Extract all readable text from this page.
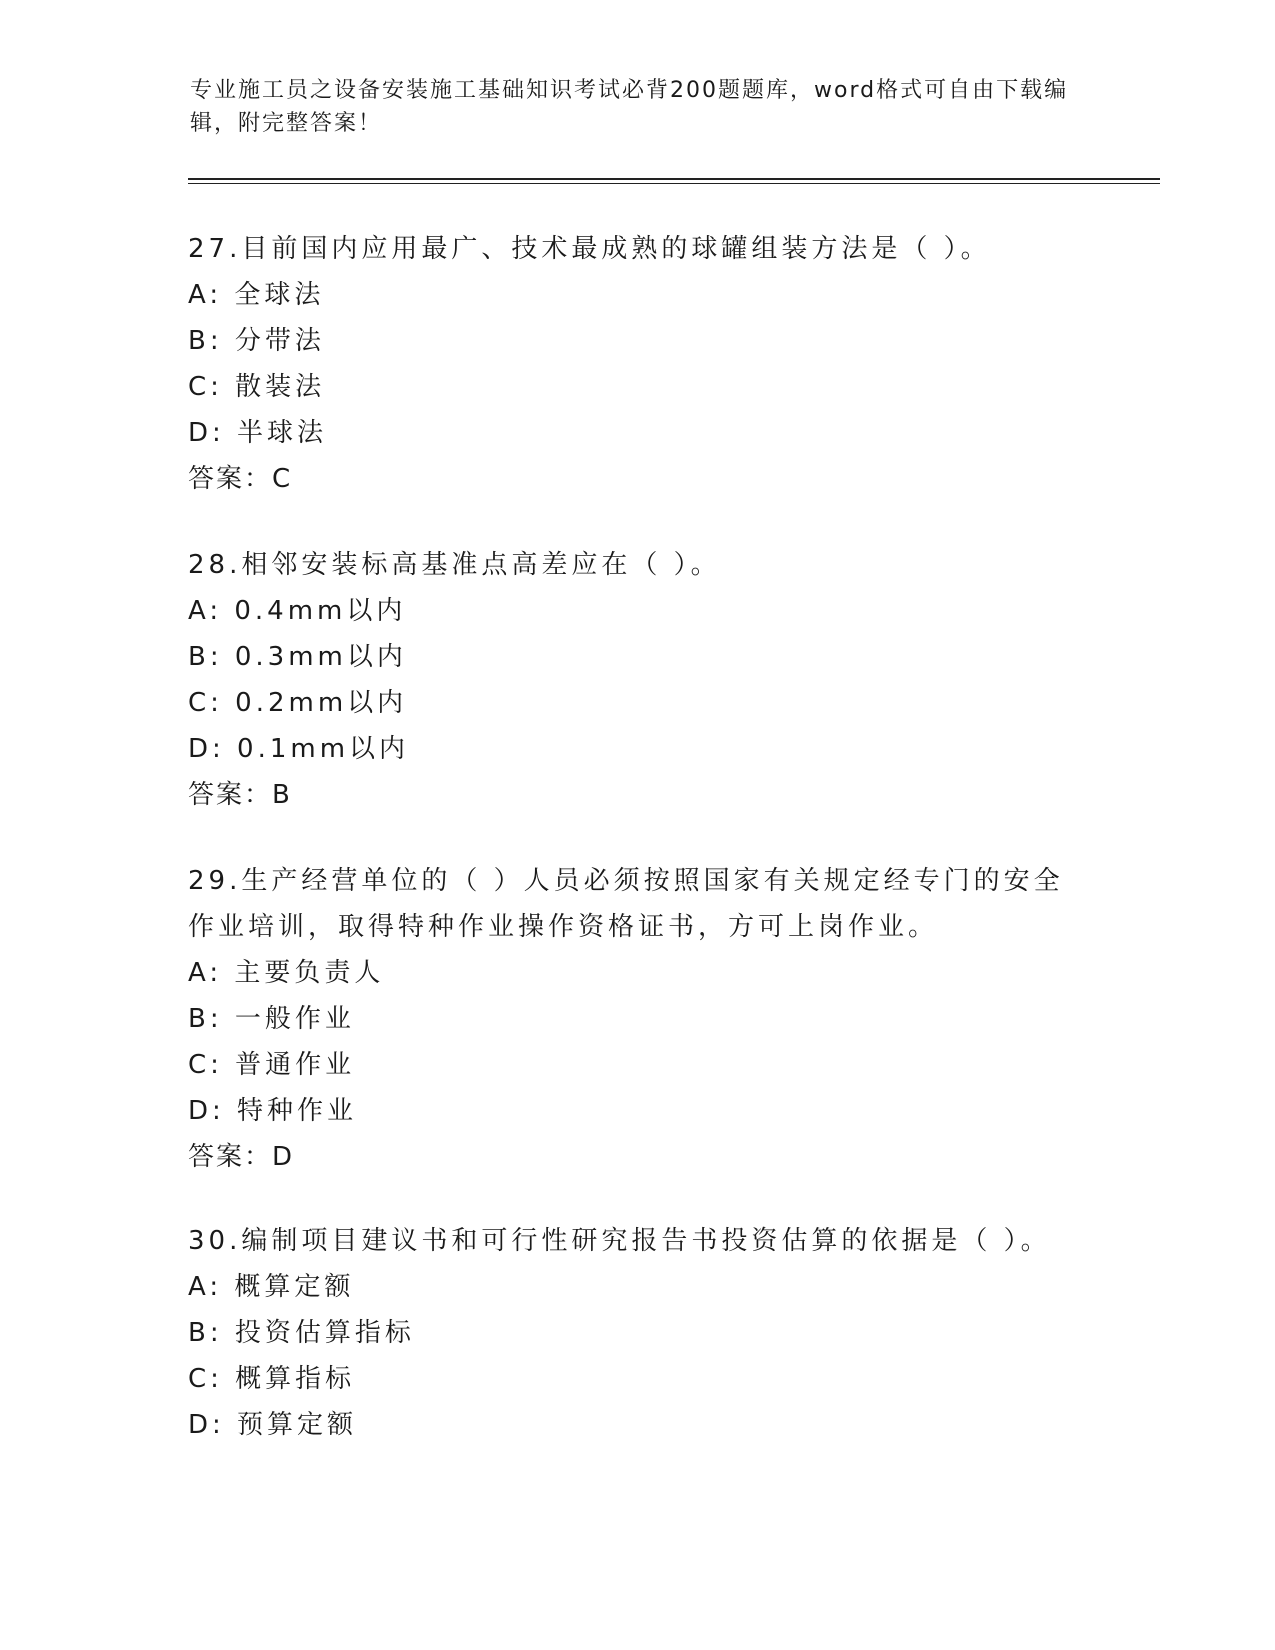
专业施工员之设备安装施工基础知识考试必背200题题库，word格式可自由下载编辑，附完整答案！
27.目前国内应用最广、技术最成熟的球罐组装方法是（ ）。
A: 全球法
B: 分带法
C: 散装法
D: 半球法
答案：C
28.相邻安装标高基准点高差应在（ ）。
A: 0.4mm以内
B: 0.3mm以内
C: 0.2mm以内
D: 0.1mm以内
答案：B
29.生产经营单位的（ ）人员必须按照国家有关规定经专门的安全作业培训，取得特种作业操作资格证书，方可上岗作业。
A: 主要负责人
B: 一般作业
C: 普通作业
D: 特种作业
答案：D
30.编制项目建议书和可行性研究报告书投资估算的依据是（ ）。
A: 概算定额
B: 投资估算指标
C: 概算指标
D: 预算定额
